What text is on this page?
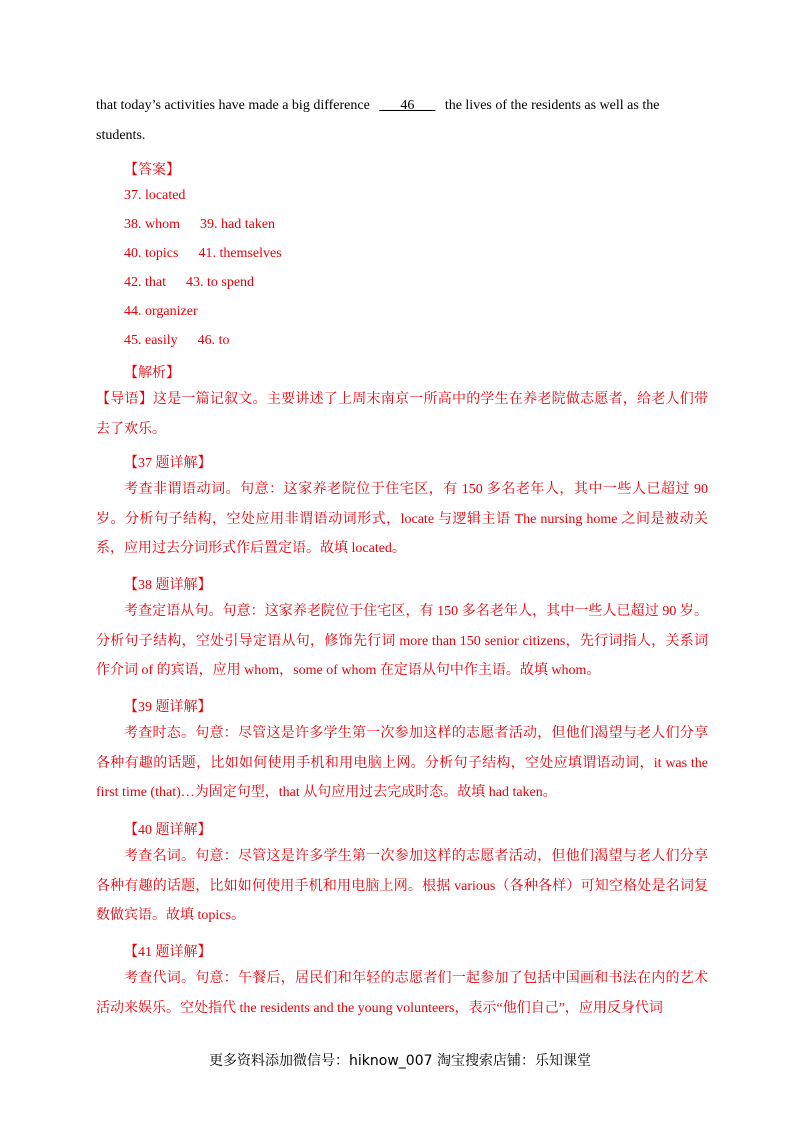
that today’s activities have made a big difference ___46___ the lives of the residents as well as the
students.
【答案】
37. located
38. whom 39. had taken
40. topics 41. themselves
42. that 43. to spend
44. organizer
45. easily 46. to
【解析】
【导语】这是一篇记叙文。主要讲述了上周末南京一所高中的学生在养老院做志愿者，给老人们带去了欢乐。
【37 题详解】
考查非谓语动词。句意：这家养老院位于住宅区，有 150 多名老年人，其中一些人已超过 90 岁。分析句子结构，空处应用非谓语动词形式，locate 与逻辑主语 The nursing home 之间是被动关系，应用过去分词形式作后置定语。故填 located。
【38 题详解】
考查定语从句。句意：这家养老院位于住宅区，有 150 多名老年人，其中一些人已超过 90 岁。分析句子结构，空处引导定语从句，修饰先行词 more than 150 senior citizens，先行词指人，关系词作介词 of 的宾语，应用 whom，some of whom 在定语从句中作主语。故填 whom。
【39 题详解】
考查时态。句意：尽管这是许多学生第一次参加这样的志愿者活动，但他们渴望与老人们分享各种有趣的话题，比如如何使用手机和用电脑上网。分析句子结构，空处应填谓语动词，it was the first time (that)…为固定句型，that 从句应用过去完成时态。故填 had taken。
【40 题详解】
考查名词。句意：尽管这是许多学生第一次参加这样的志愿者活动，但他们渴望与老人们分享各种有趣的话题，比如如何使用手机和用电脑上网。根据 various（各种各样）可知空格处是名词复数做宾语。故填 topics。
【41 题详解】
考查代词。句意：午餐后，居民们和年轻的志愿者们一起参加了包括中国画和书法在内的艺术活动来娱乐。空处指代 the residents and the young volunteers，表示“他们自己”，应用反身代词
更多资料添加微信号：hiknow_007 淘宝搜索店铺：乐知课堂
